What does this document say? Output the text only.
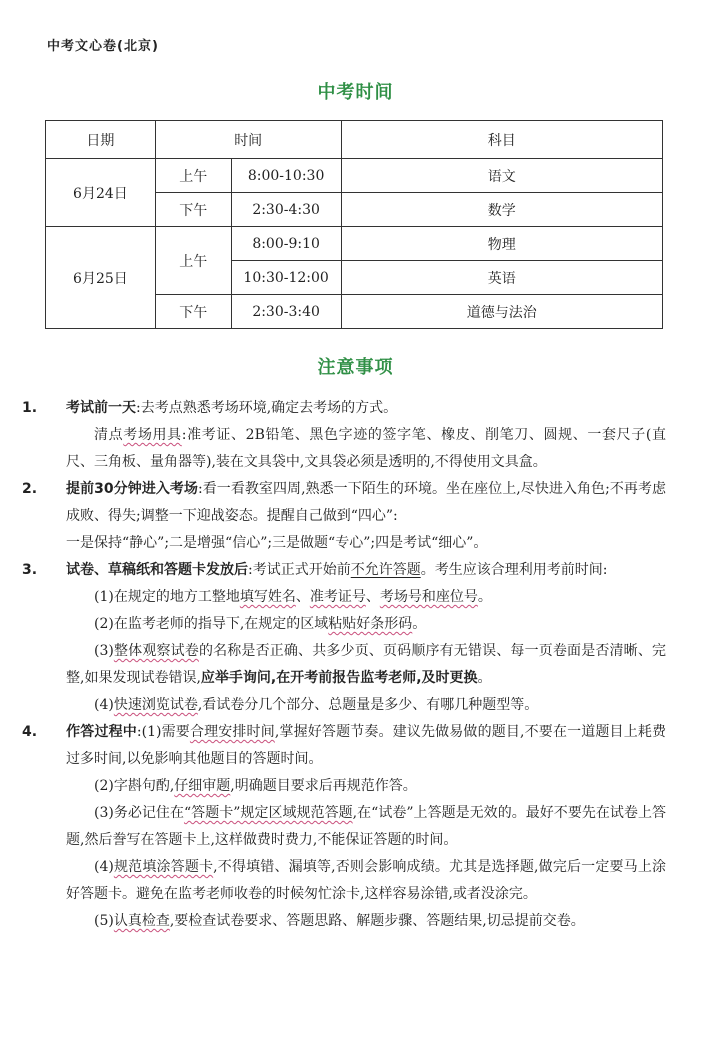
中考文心卷(北京)
中考时间
日期	时间		科目
6月24日	上午	8:00-10:30	语文
	下午	2:30-4:30	数学
6月25日	上午	8:00-9:10	物理
		10:30-12:00	英语
	下午	2:30-3:40	道德与法治
注意事项

1. 考试前一天:去考点熟悉考场环境,确定去考场的方式。

清点考场用具:准考证、2B铅笔、黑色字迹的签字笔、橡皮、削笔刀、圆规、一套尺子(直尺、三角板、量角器等),装在文具袋中,文具袋必须是透明的,不得使用文具盒。

2. 提前30分钟进入考场:看一看教室四周,熟悉一下陌生的环境。坐在座位上,尽快进入角色;不再考虑成败、得失;调整一下迎战姿态。提醒自己做到“四心”:

一是保持“静心”;二是增强“信心”;三是做题“专心”;四是考试“细心”。

3. 试卷、草稿纸和答题卡发放后:考试正式开始前不允许答题。考生应该合理利用考前时间:

(1)在规定的地方工整地填写姓名、准考证号、考场号和座位号。

(2)在监考老师的指导下,在规定的区域粘贴好条形码。

(3)整体观察试卷的名称是否正确、共多少页、页码顺序有无错误、每一页卷面是否清晰、完整,如果发现试卷错误,应举手询问,在开考前报告监考老师,及时更换。

(4)快速浏览试卷,看试卷分几个部分、总题量是多少、有哪几种题型等。

4. 作答过程中:(1)需要合理安排时间,掌握好答题节奏。建议先做易做的题目,不要在一道题目上耗费过多时间,以免影响其他题目的答题时间。

(2)字斟句酌,仔细审题,明确题目要求后再规范作答。

(3)务必记住在“答题卡”规定区域规范答题,在“试卷”上答题是无效的。最好不要先在试卷上答题,然后誊写在答题卡上,这样做费时费力,不能保证答题的时间。

(4)规范填涂答题卡,不得填错、漏填等,否则会影响成绩。尤其是选择题,做完后一定要马上涂好答题卡。避免在监考老师收卷的时候匆忙涂卡,这样容易涂错,或者没涂完。

(5)认真检查,要检查试卷要求、答题思路、解题步骤、答题结果,切忌提前交卷。
